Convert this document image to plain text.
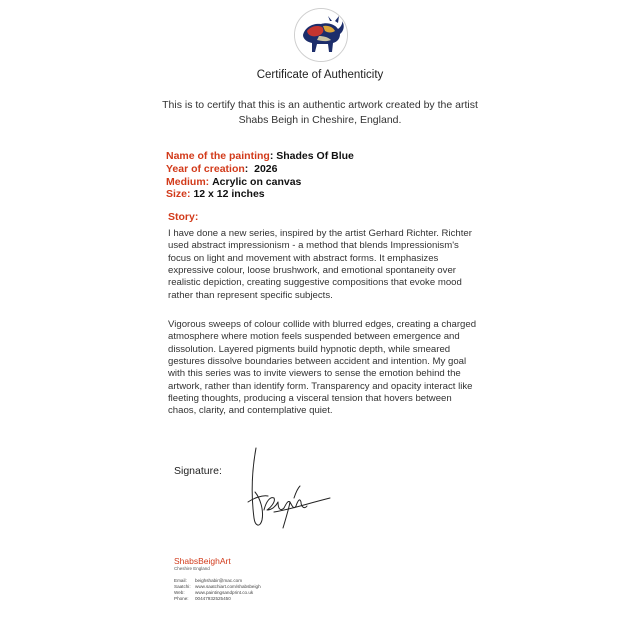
Certificate of Authenticity
This is to certify that this is an authentic artwork created by the artist
Shabs Beigh in Cheshire, England.
Name of the painting: Shades Of Blue
Year of creation:  2026
Medium: Acrylic on canvas
Size: 12 x 12 inches
Story:

I have done a new series, inspired by the artist Gerhard Richter. Richter used abstract impressionism - a method that blends Impressionism's focus on light and movement with abstract forms. It emphasizes expressive colour, loose brushwork, and emotional spontaneity over realistic depiction, creating suggestive compositions that evoke mood rather than represent specific subjects.

Vigorous sweeps of colour collide with blurred edges, creating a charged atmosphere where motion feels suspended between emergence and dissolution. Layered pigments build hypnotic depth, while smeared gestures dissolve boundaries between accident and intention. My goal with this series was to invite viewers to sense the emotion behind the artwork, rather than identify form. Transparency and opacity interact like fleeting thoughts, producing a visceral tension that hovers between chaos, clarity, and contemplative quiet.

Signature:
ShabsBeighArt
Cheshire England
Email: beighshabir@mac.com
Saatchi: www.saatchiart.com/shabsbeigh
Web: www.paintingsandprint.co.uk
Phone: 00447932525450
